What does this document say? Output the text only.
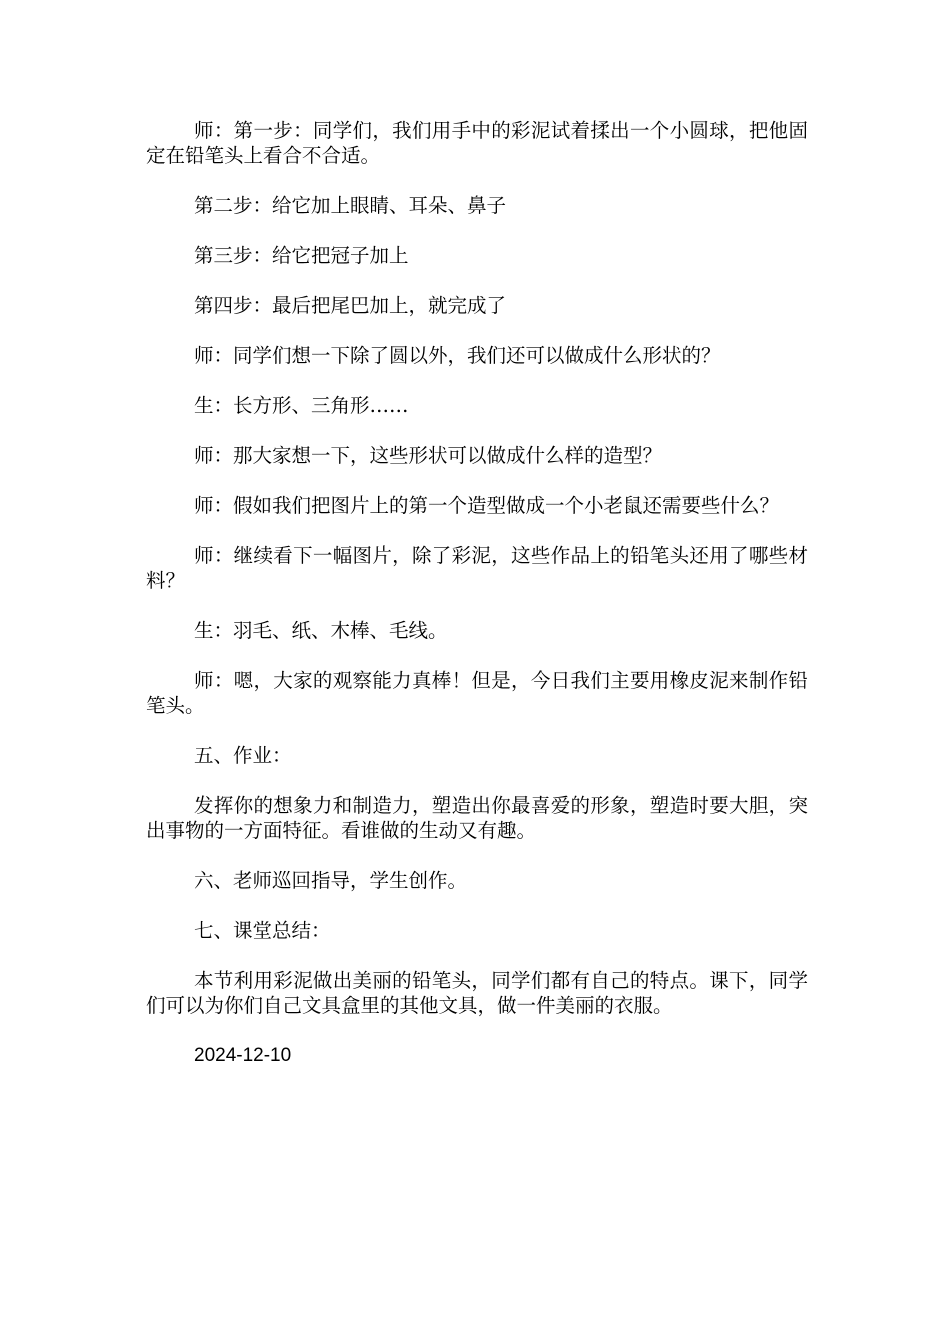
师：第一步：同学们，我们用手中的彩泥试着揉出一个小圆球，把他固定在铅笔头上看合不合适。

第二步：给它加上眼睛、耳朵、鼻子

第三步：给它把冠子加上

第四步：最后把尾巴加上，就完成了

师：同学们想一下除了圆以外，我们还可以做成什么形状的？

生：长方形、三角形……

师：那大家想一下，这些形状可以做成什么样的造型？

师：假如我们把图片上的第一个造型做成一个小老鼠还需要些什么？

师：继续看下一幅图片，除了彩泥，这些作品上的铅笔头还用了哪些材料？

生：羽毛、纸、木棒、毛线。

师：嗯，大家的观察能力真棒！但是，今日我们主要用橡皮泥来制作铅笔头。

五、作业：

发挥你的想象力和制造力，塑造出你最喜爱的形象，塑造时要大胆，突出事物的一方面特征。看谁做的生动又有趣。

六、老师巡回指导，学生创作。

七、课堂总结：

本节利用彩泥做出美丽的铅笔头，同学们都有自己的特点。课下，同学们可以为你们自己文具盒里的其他文具，做一件美丽的衣服。

2024-12-10
